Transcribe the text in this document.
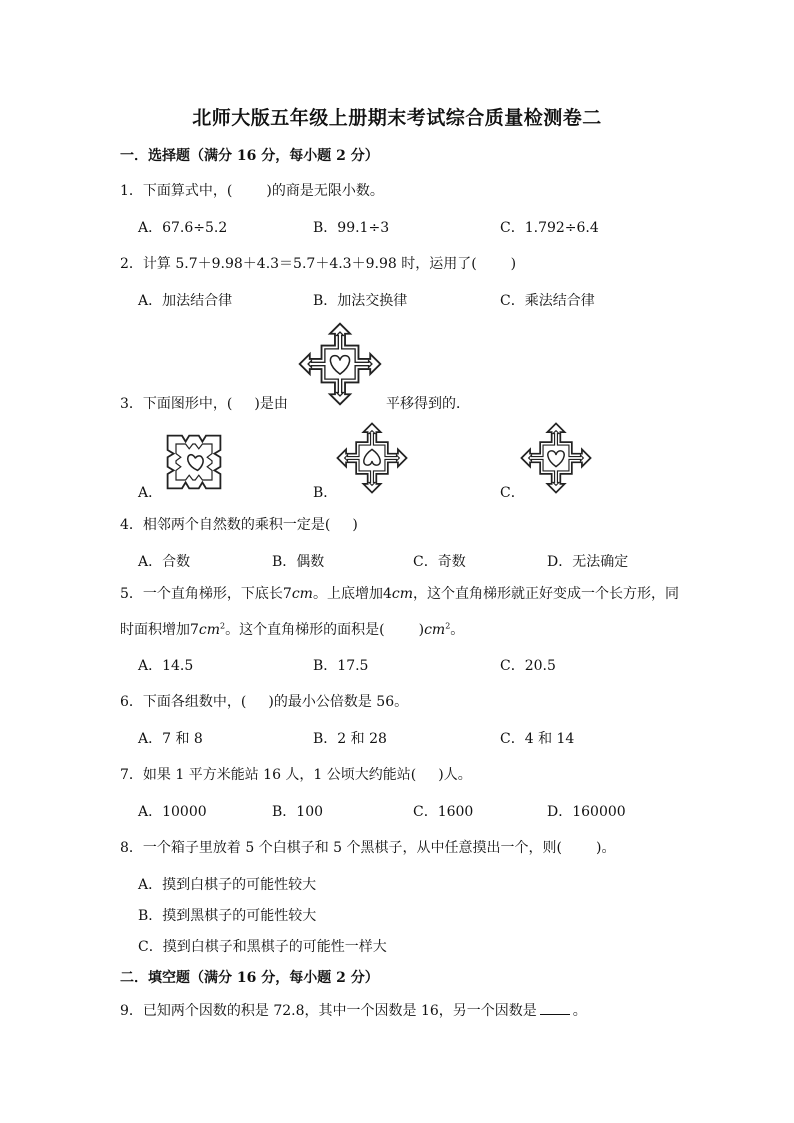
北师大版五年级上册期末考试综合质量检测卷二
一．选择题（满分 16 分，每小题 2 分）
1．下面算式中，( )的商是无限小数。
A．67.6÷5.2	B．99.1÷3	C．1.792÷6.4
2．计算 5.7＋9.98＋4.3＝5.7＋4.3＋9.98 时，运用了( )
A．加法结合律	B．加法交换律	C．乘法结合律
3．下面图形中，( )是由	平移得到的．
A．	B．	C．
4．相邻两个自然数的乘积一定是( )
A．合数	B．偶数	C．奇数	D．无法确定
5．一个直角梯形，下底长7cm。上底增加4cm，这个直角梯形就正好变成一个长方形，同
时面积增加$7cm^2$。这个直角梯形的面积是( )$cm^2$。
A．14.5	B．17.5	C．20.5
6．下面各组数中，( )的最小公倍数是 56。
A．7 和 8	B．2 和 28	C．4 和 14
7．如果 1 平方米能站 16 人，1 公顷大约能站( )人。
A．10000	B．100	C．1600	D．160000
8．一个箱子里放着 5 个白棋子和 5 个黑棋子，从中任意摸出一个，则( )。
A．摸到白棋子的可能性较大
B．摸到黑棋子的可能性较大
C．摸到白棋子和黑棋子的可能性一样大
二．填空题（满分 16 分，每小题 2 分）
9．已知两个因数的积是 72.8，其中一个因数是 16，另一个因数是	。
